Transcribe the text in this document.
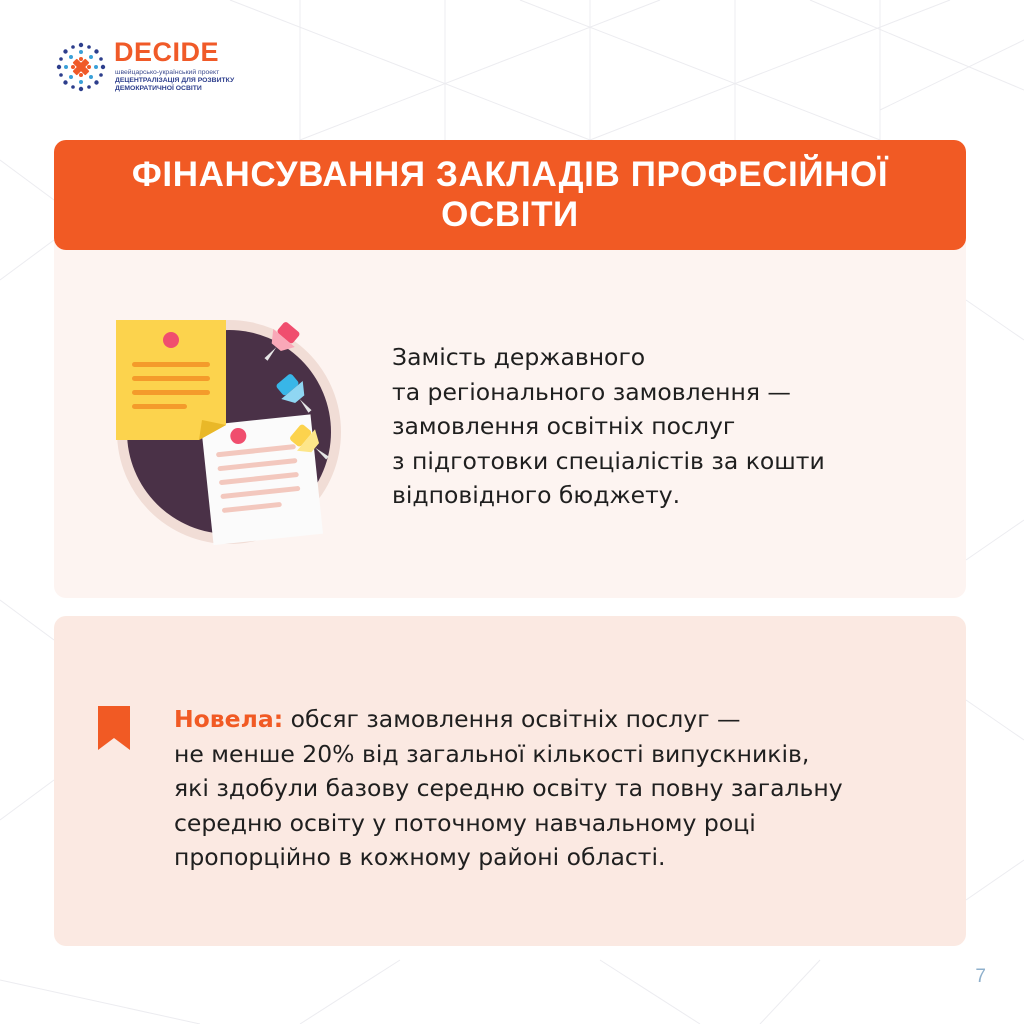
DECIDE
швейцарсько-український проект
ДЕЦЕНТРАЛІЗАЦІЯ ДЛЯ РОЗВИТКУ
ДЕМОКРАТИЧНОЇ ОСВІТИ
ФІНАНСУВАННЯ ЗАКЛАДІВ ПРОФЕСІЙНОЇ
ОСВІТИ
Замість державного
та регіонального замовлення —
замовлення освітніх послуг
з підготовки спеціалістів за кошти
відповідного бюджету.
Новела: обсяг замовлення освітніх послуг —
не менше 20% від загальної кількості випускників,
які здобули базову середню освіту та повну загальну
середню освіту у поточному навчальному році
пропорційно в кожному районі області.
7
